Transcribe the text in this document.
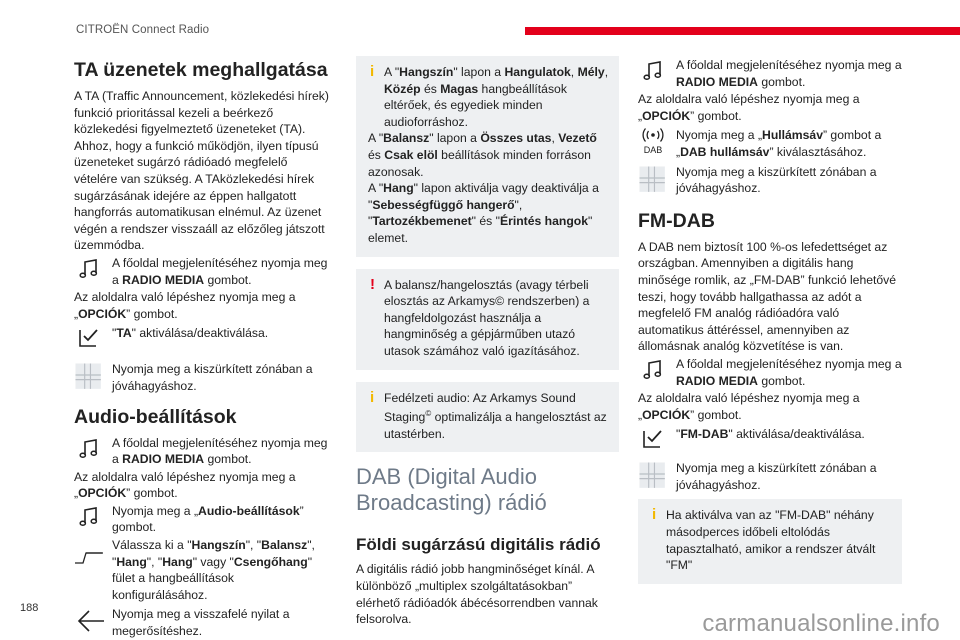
CITROËN Connect Radio
TA üzenetek meghallgatása

A TA (Traffic Announcement, közlekedési hírek) funkció prioritással kezeli a beérkező közlekedési figyelmeztető üzeneteket (TA). Ahhoz, hogy a funkció működjön, ilyen típusú üzeneteket sugárzó rádióadó megfelelő vételére van szükség. A TAközlekedési hírek sugárzásának idejére az éppen hallgatott hangforrás automatikusan elnémul. Az üzenet végén a rendszer visszaáll az előzőleg játszott üzemmódba.

A főoldal megjelenítéséhez nyomja meg a RADIO MEDIA gombot.

Az aloldalra való lépéshez nyomja meg a „OPCIÓK” gombot.

"TA" aktiválása/deaktiválása.
Nyomja meg a kiszürkített zónában a jóváhagyáshoz.
Audio-beállítások
A főoldal megjelenítéséhez nyomja meg a RADIO MEDIA gombot.

Az aloldalra való lépéshez nyomja meg a „OPCIÓK” gombot.

Nyomja meg a „Audio-beállítások” gombot.
Válassza ki a "Hangszín", "Balansz", "Hang", "Hang" vagy "Csengőhang" fület a hangbeállítások konfigurálásához.
Nyomja meg a visszafelé nyilat a megerősítéshez.
i A "Hangszín" lapon a Hangulatok, Mély, Közép és Magas hangbeállítások eltérőek, és egyediek minden audioforráshoz.

A "Balansz" lapon a Összes utas, Vezető és Csak elöl beállítások minden forráson azonosak.

A "Hang" lapon aktiválja vagy deaktiválja a "Sebességfüggő hangerő", "Tartozékbemenet" és "Érintés hangok" elemet.

! A balansz/hangelosztás (avagy térbeli elosztás az Arkamys© rendszerben) a hangfeldolgozást használja a hangminőség a gépjárműben utazó utasok számához való igazításához.

i Fedélzeti audio: Az Arkamys Sound Staging© optimalizálja a hangelosztást az utastérben.

DAB (Digital Audio Broadcasting) rádió
Földi sugárzású digitális rádió

A digitális rádió jobb hangminőséget kínál. A különböző „multiplex szolgáltatásokban” elérhető rádióadók ábécésorrendben vannak felsorolva.

A főoldal megjelenítéséhez nyomja meg a RADIO MEDIA gombot.

Az aloldalra való lépéshez nyomja meg a „OPCIÓK” gombot.

DAB
Nyomja meg a „Hullámsáv” gombot a „DAB hullámsáv” kiválasztásához.
Nyomja meg a kiszürkített zónában a jóváhagyáshoz.
FM-DAB

A DAB nem biztosít 100 %-os lefedettséget az országban. Amennyiben a digitális hang minősége romlik, az „FM-DAB” funkció lehetővé teszi, hogy tovább hallgathassa az adót a megfelelő FM analóg rádióadóra való automatikus áttéréssel, amennyiben az állomásnak analóg közvetítése is van.

A főoldal megjelenítéséhez nyomja meg a RADIO MEDIA gombot.

Az aloldalra való lépéshez nyomja meg a „OPCIÓK” gombot.

"FM-DAB" aktiválása/deaktiválása.
Nyomja meg a kiszürkített zónában a jóváhagyáshoz.
i Ha aktiválva van az "FM-DAB" néhány másodperces időbeli eltolódás tapasztalható, amikor a rendszer átvált "FM"

188
carmanualsonline.info
